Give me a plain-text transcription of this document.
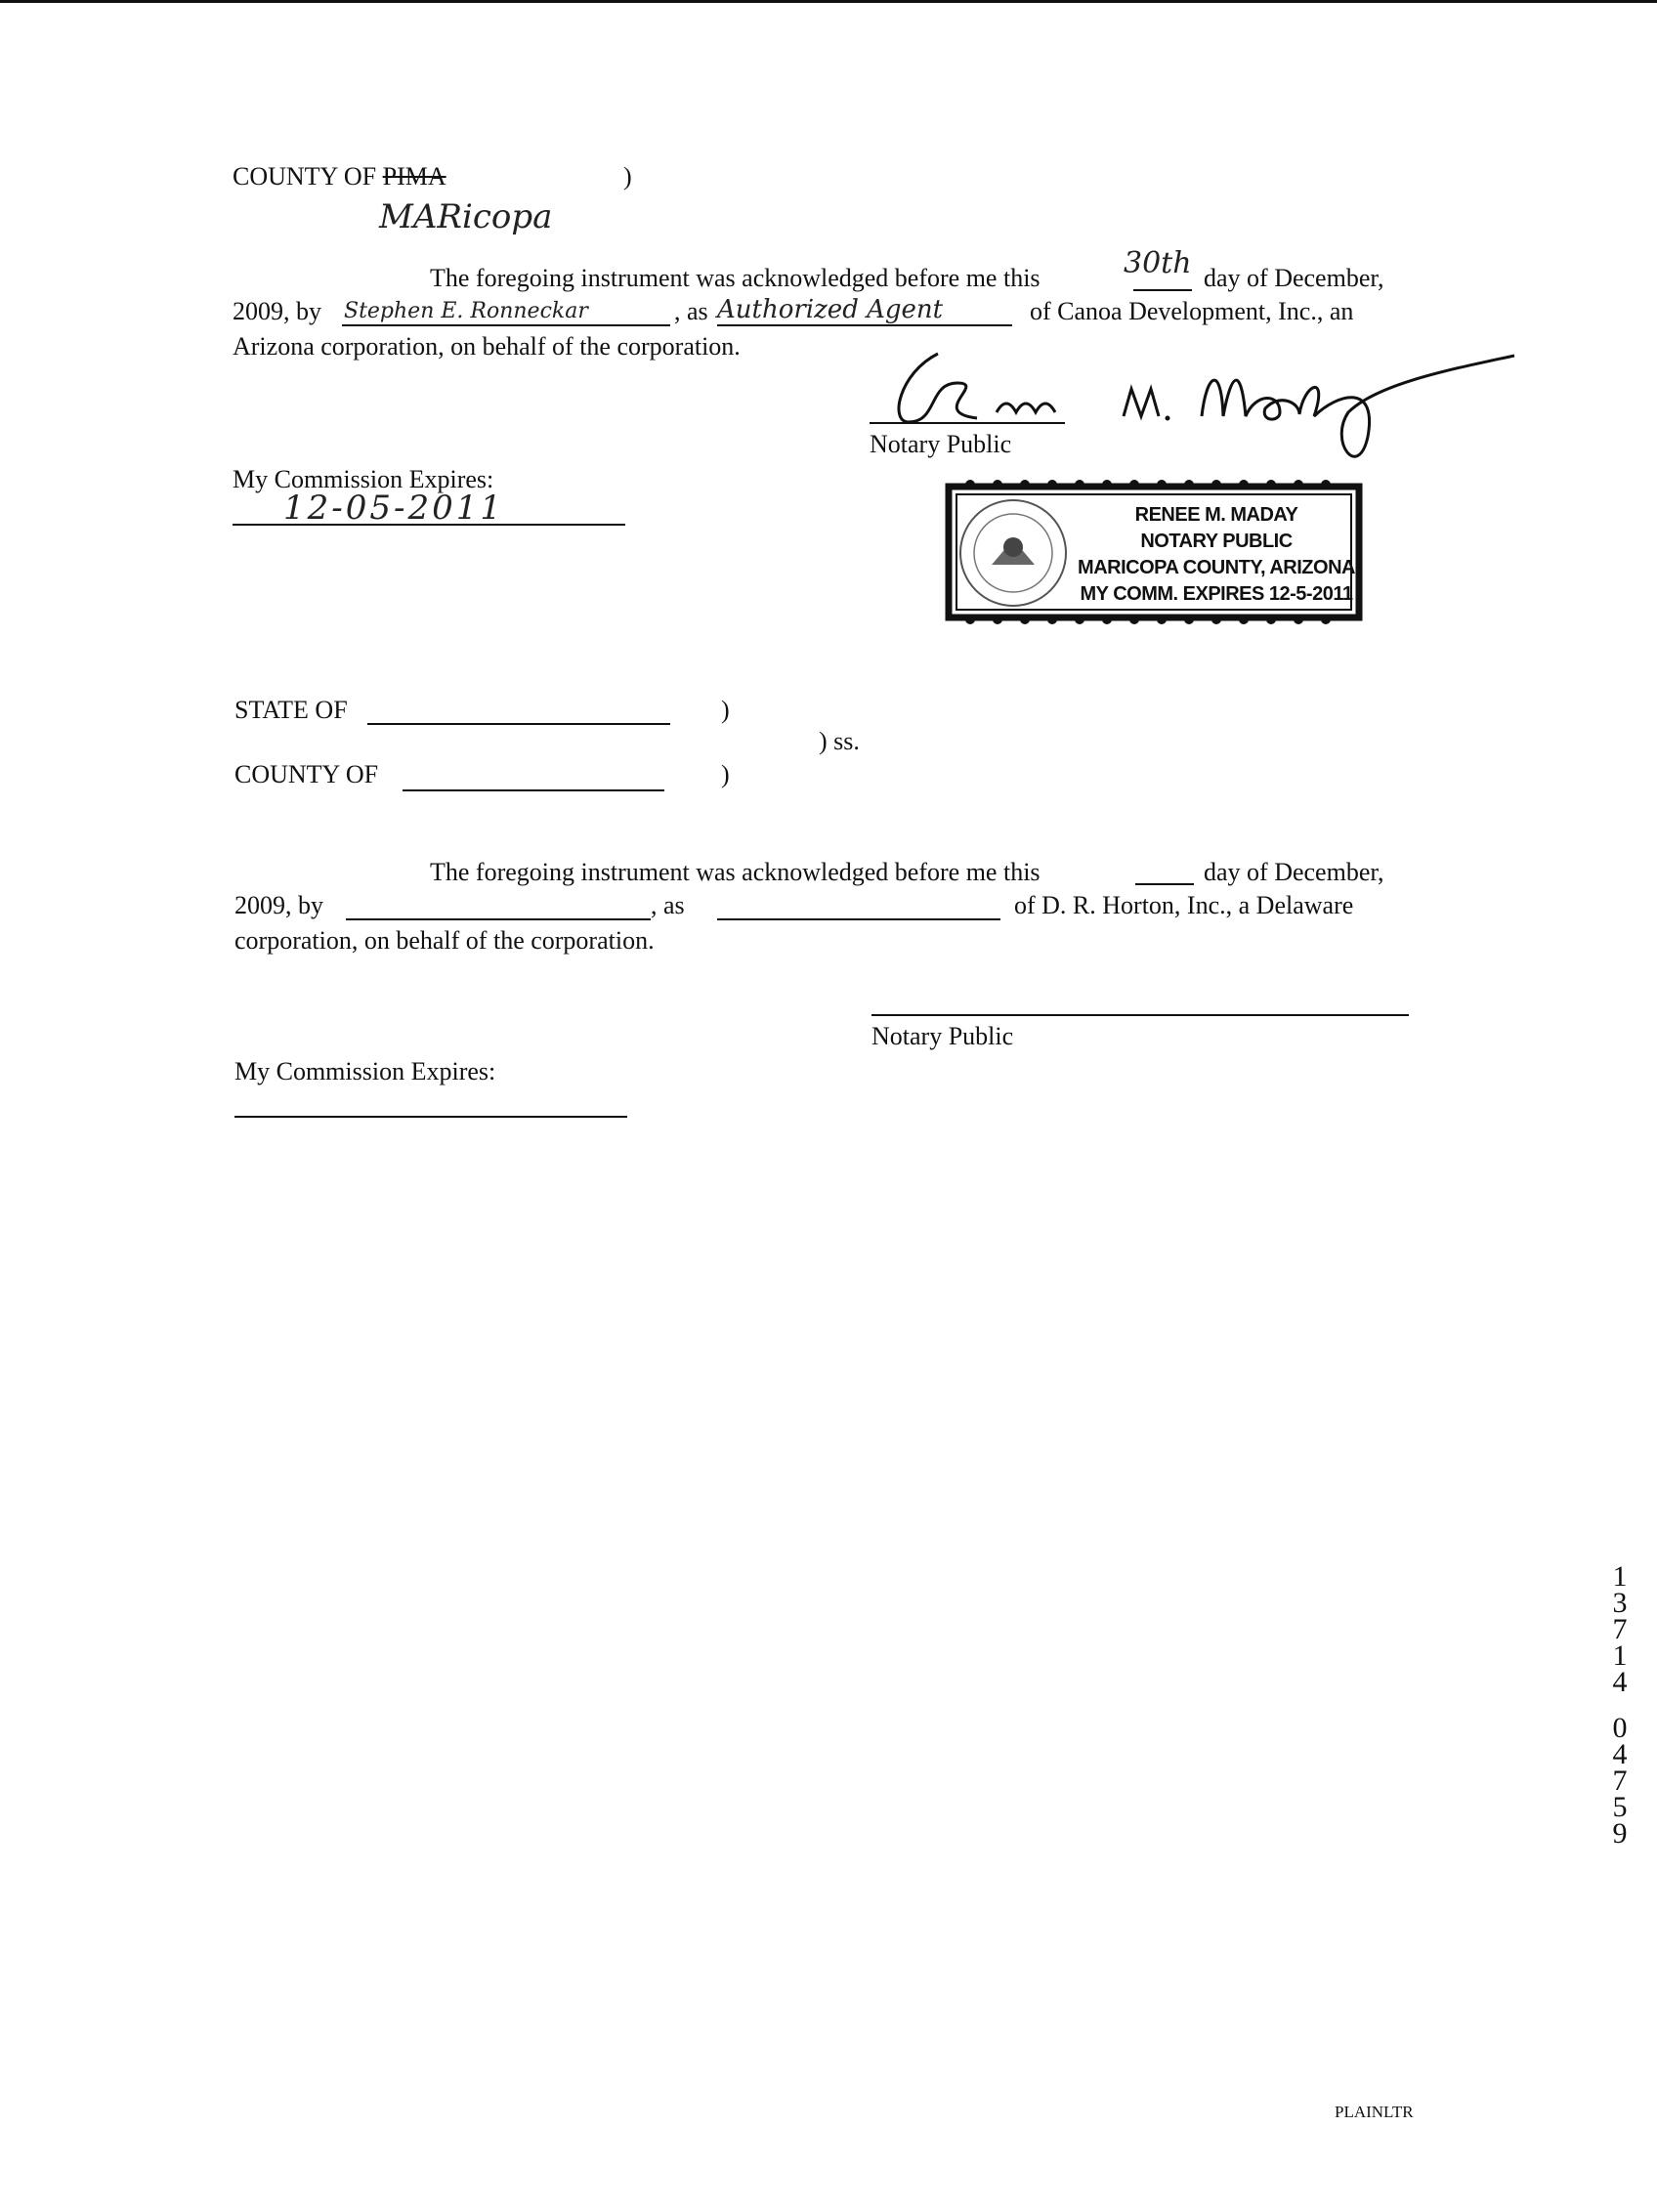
COUNTY OF PIMA	)
MARicopa
The foregoing instrument was acknowledged before me this	30th day of December,
2009, by Stephen E. Ronneckar	, as Authorized Agent	of Canoa Development, Inc., an
Arizona corporation, on behalf of the corporation.
Notary Public
My Commission Expires:
12-05-2011	RENEE M. MADAY
NOTARY PUBLIC
MARICOPA COUNTY, ARIZONA
MY COMM. EXPIRES 12-5-2011
STATE OF	)
) ss.
COUNTY OF	)
The foregoing instrument was acknowledged before me this	day of December,
2009, by	, as	of D. R. Horton, Inc., a Delaware
corporation, on behalf of the corporation.
Notary Public
My Commission Expires:
1
3
7
1
4
0
4
7
5
9
PLAINLTR
